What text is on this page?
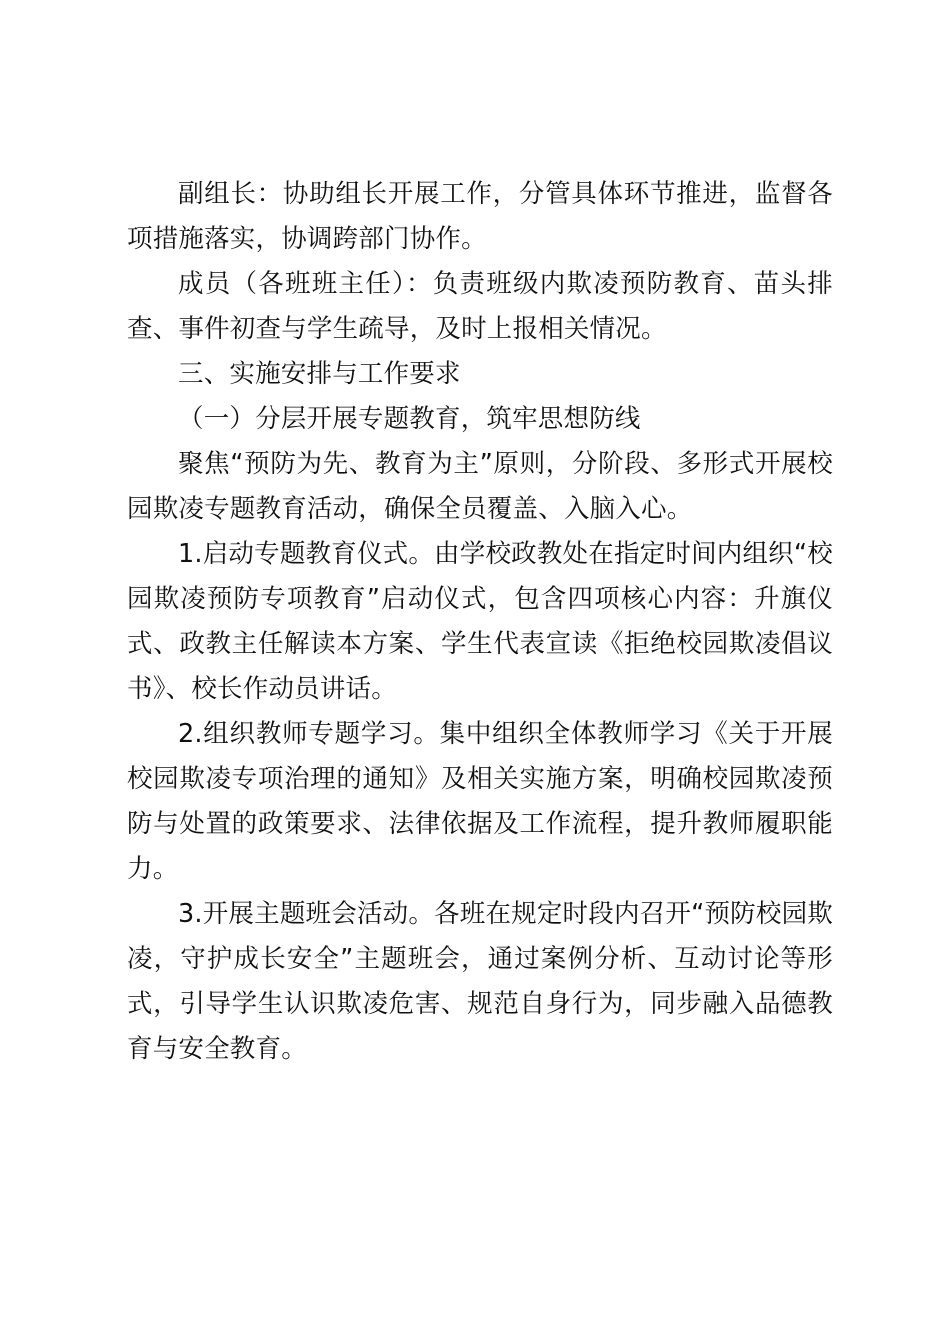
副组长：协助组长开展工作，分管具体环节推进，监督各项措施落实，协调跨部门协作。

成员（各班班主任）：负责班级内欺凌预防教育、苗头排查、事件初查与学生疏导，及时上报相关情况。

三、实施安排与工作要求

（一）分层开展专题教育，筑牢思想防线

聚焦“预防为先、教育为主”原则，分阶段、多形式开展校园欺凌专题教育活动，确保全员覆盖、入脑入心。

1.启动专题教育仪式。由学校政教处在指定时间内组织“校园欺凌预防专项教育”启动仪式，包含四项核心内容：升旗仪式、政教主任解读本方案、学生代表宣读《拒绝校园欺凌倡议书》、校长作动员讲话。

2.组织教师专题学习。集中组织全体教师学习《关于开展校园欺凌专项治理的通知》及相关实施方案，明确校园欺凌预防与处置的政策要求、法律依据及工作流程，提升教师履职能力。

3.开展主题班会活动。各班在规定时段内召开“预防校园欺凌，守护成长安全”主题班会，通过案例分析、互动讨论等形式，引导学生认识欺凌危害、规范自身行为，同步融入品德教育与安全教育。
